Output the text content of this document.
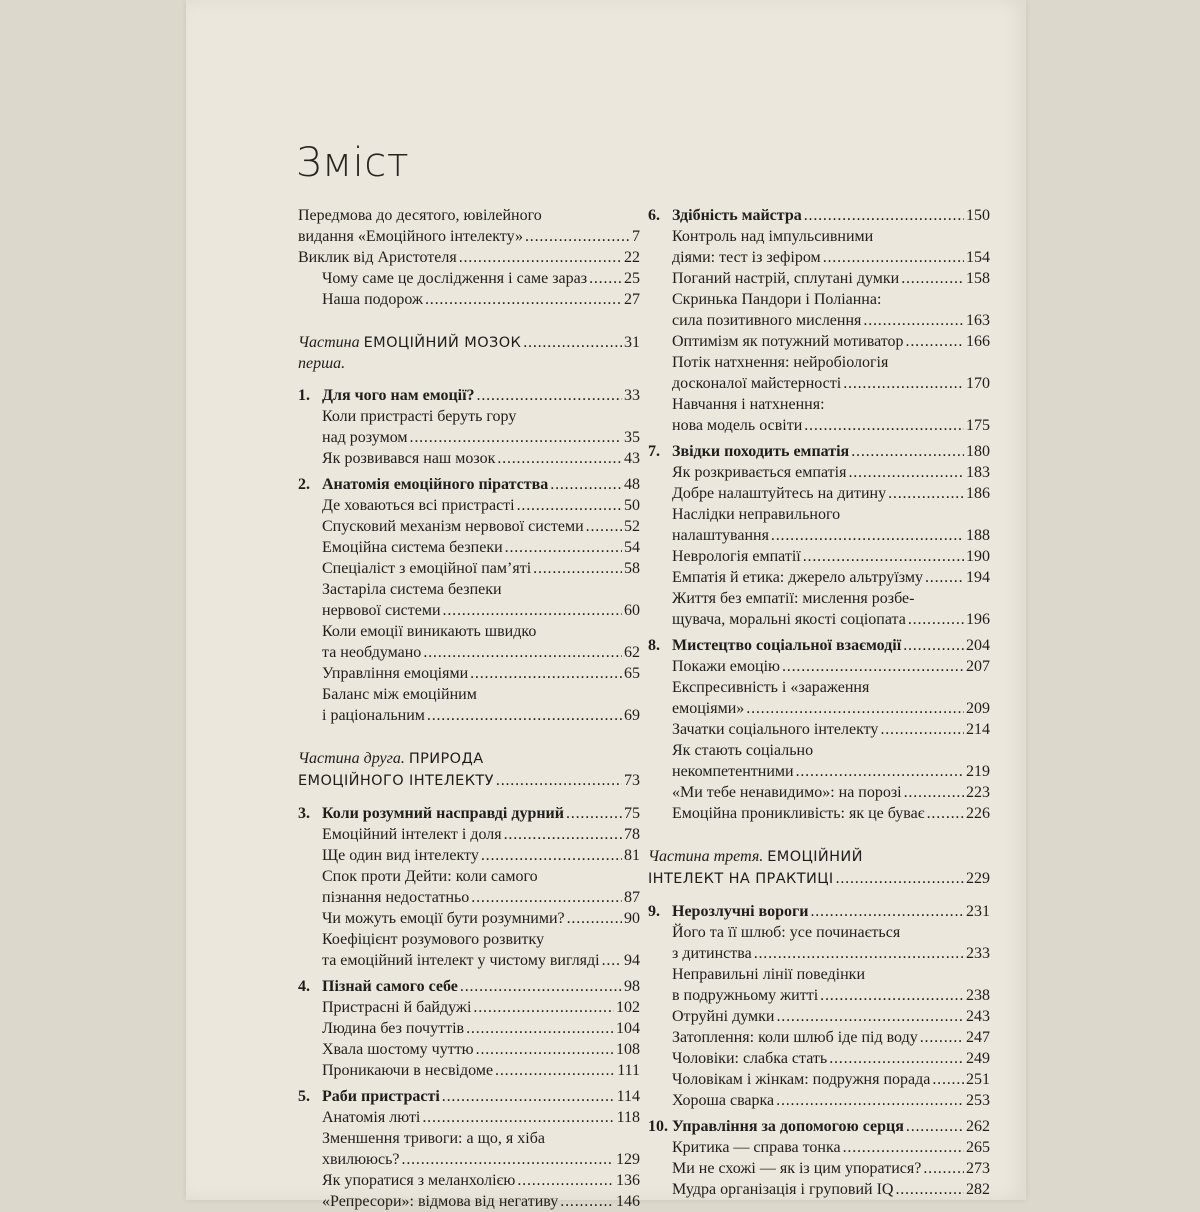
Зміст
Передмова до десятого, ювілейного
видання «Емоційного інтелекту» . . .	7
Виклик від Аристотеля . . .	22
Чому саме це дослідження і саме зараз . . . 25
Наша подорож . . .	27
Частина перша.

ЕМОЦІЙНИЙ МОЗОК . . .	31
1. Для чого нам емоції? . . .	33
Коли пристрасті беруть гору
над розумом . . .	35
Як розвивався наш мозок . . .	43
2. Анатомія емоційного піратства . . .	48
Де ховаються всі пристрасті . . .	50
Спусковий механізм нервової системи . . .	52
Емоційна система безпеки . . .	54
Спеціаліст з емоційної пам’яті . . .	58
Застаріла система безпеки
нервової системи . . .	60
Коли емоції виникають швидко
та необдумано . . .	62
Управління емоціями . . .	65
Баланс між емоційним
і раціональним . . .	69
Частина друга.
ПРИРОДА
ЕМОЦІЙНОГО ІНТЕЛЕКТУ . . .	73
3. Коли розумний насправді дурний . . .	75
Емоційний інтелект і доля . . .	78
Ще один вид інтелекту . . .	81
Спок проти Дейти: коли самого
пізнання недостатньо . . .	87
Чи можуть емоції бути розумними? . . .	90
Коефіцієнт розумового розвитку
та емоційний інтелект у чистому вигляді . . . 94
4. Пізнай самого себе . . .	98
Пристрасні й байдужі . . .	102
Людина без почуттів . . .	104
Хвала шостому чуттю . . .	108
Проникаючи в несвідоме . . .	111
5. Раби пристрасті . . .	114
Анатомія люті . . .	118
Зменшення тривоги: а що, я хіба
хвилююсь? . . .	129
Як упоратися з меланхолією . . .	136
«Репресори»: відмова від негативу . . .	146
6. Здібність майстра . . .	150
Контроль над імпульсивними
діями: тест із зефіром . . .	154
Поганий настрій, сплутані думки . . .	158
Скринька Пандори і Поліанна:
сила позитивного мислення . . .	163
Оптимізм як потужний мотиватор . . .	166
Потік натхнення: нейробіологія
досконалої майстерності . . .	170
Навчання і натхнення:
нова модель освіти . . .	175
7. Звідки походить емпатія . . .	180
Як розкривається емпатія . . .	183
Добре налаштуйтесь на дитину . . .	186
Наслідки неправильного
налаштування . . .	188
Неврологія емпатії . . .	190
Емпатія й етика: джерело альтруїзму . . .	194
Життя без емпатії: мислення розбе-
щувача, моральні якості соціопата . . .	196
8. Мистецтво соціальної взаємодії . . .	204
Покажи емоцію . . .	207
Експресивність і «зараження
емоціями» . . .	209
Зачатки соціального інтелекту . . .	214
Як стають соціально
некомпетентними . . .	219
«Ми тебе ненавидимо»: на порозі . . .	223
Емоційна проникливість: як це буває . . .	226
Частина третя.
ЕМОЦІЙНИЙ
ІНТЕЛЕКТ НА ПРАКТИЦІ . . .	229
9. Нерозлучні вороги . . .	231
Його та її шлюб: усе починається
з дитинства . . .	233
Неправильні лінії поведінки
в подружньому житті . . .	238
Отруйні думки . . .	243
Затоплення: коли шлюб іде під воду . . .	247
Чоловіки: слабка стать . . .	249
Чоловікам і жінкам: подружня порада . . . 251
Хороша сварка . . .	253
10. Управління за допомогою серця . . .	262
Критика — справа тонка . . .	265
Ми не схожі — як із цим упоратися? . . .	273
Мудра організація і груповий IQ . . .	282
